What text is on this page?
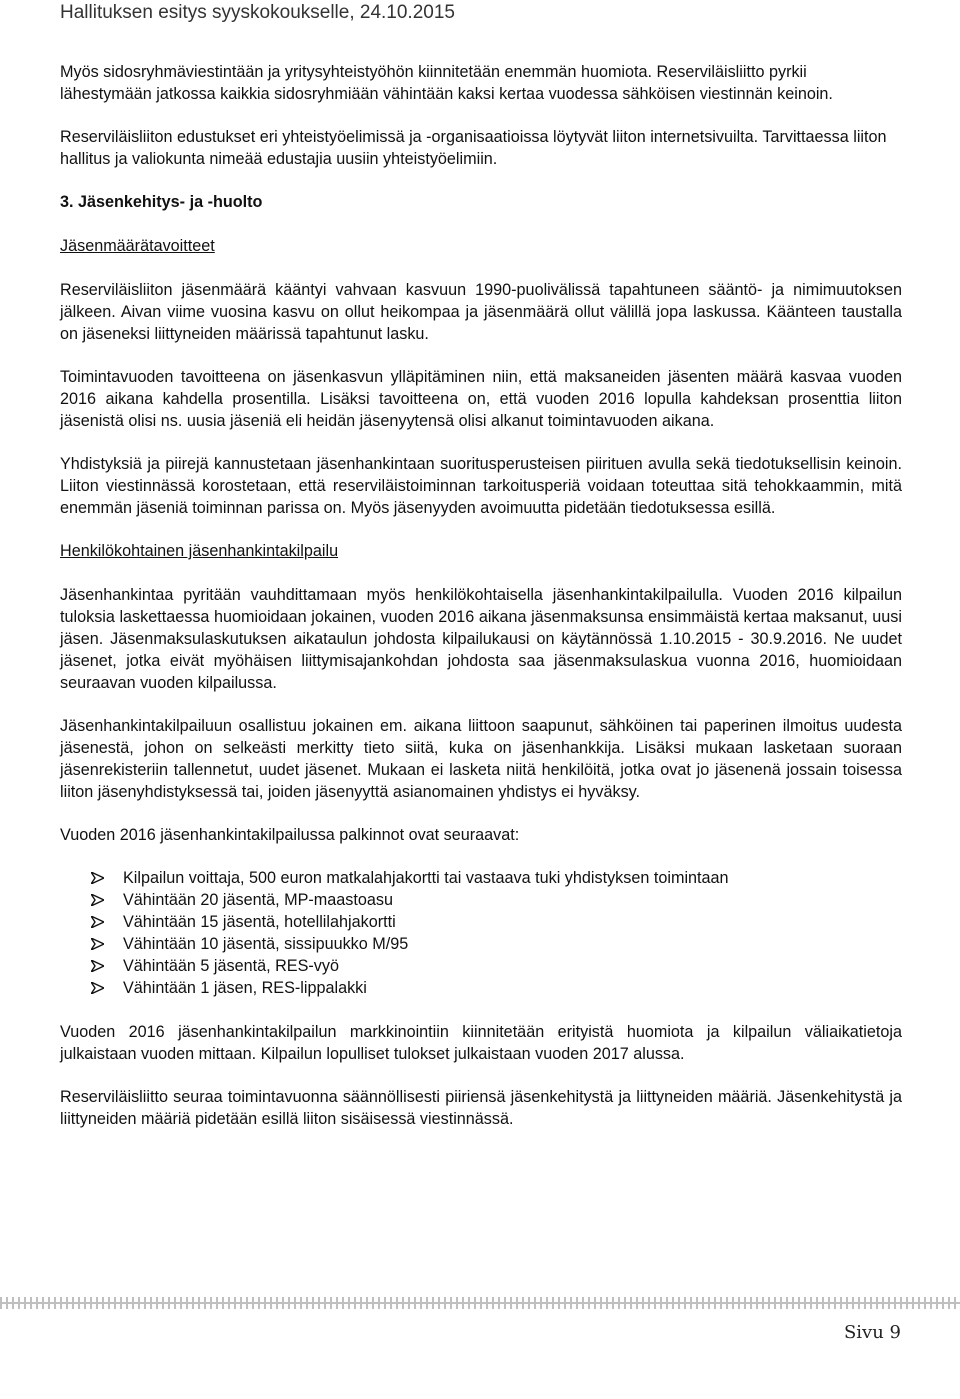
Hallituksen esitys syyskokoukselle, 24.10.2015

Myös sidosryhmäviestintään ja yritysyhteistyöhön kiinnitetään enemmän huomiota. Reserviläisliitto pyrkii lähestymään jatkossa kaikkia sidosryhmiään vähintään kaksi kertaa vuodessa sähköisen viestinnän keinoin.

Reserviläisliiton edustukset eri yhteistyöelimissä ja -organisaatioissa löytyvät liiton internetsivuilta. Tarvittaessa liiton hallitus ja valiokunta nimeää edustajia uusiin yhteistyöelimiin.

3. Jäsenkehitys- ja -huolto

Jäsenmäärätavoitteet

Reserviläisliiton jäsenmäärä kääntyi vahvaan kasvuun 1990-puolivälissä tapahtuneen sääntö- ja nimimuutoksen jälkeen. Aivan viime vuosina kasvu on ollut heikompaa ja jäsenmäärä ollut välillä jopa laskussa. Käänteen taustalla on jäseneksi liittyneiden määrissä tapahtunut lasku.

Toimintavuoden tavoitteena on jäsenkasvun ylläpitäminen niin, että maksaneiden jäsenten määrä kasvaa vuoden 2016 aikana kahdella prosentilla. Lisäksi tavoitteena on, että vuoden 2016 lopulla kahdeksan prosenttia liiton jäsenistä olisi ns. uusia jäseniä eli heidän jäsenyytensä olisi alkanut toimintavuoden aikana.

Yhdistyksiä ja piirejä kannustetaan jäsenhankintaan suoritusperusteisen piirituen avulla sekä tiedotuksellisin keinoin. Liiton viestinnässä korostetaan, että reserviläistoiminnan tarkoitusperiä voidaan toteuttaa sitä tehokkaammin, mitä enemmän jäseniä toiminnan parissa on. Myös jäsenyyden avoimuutta pidetään tiedotuksessa esillä.

Henkilökohtainen jäsenhankintakilpailu

Jäsenhankintaa pyritään vauhdittamaan myös henkilökohtaisella jäsenhankintakilpailulla. Vuoden 2016 kilpailun tuloksia laskettaessa huomioidaan jokainen, vuoden 2016 aikana jäsenmaksunsa ensimmäistä kertaa maksanut, uusi jäsen. Jäsenmaksulaskutuksen aikataulun johdosta kilpailukausi on käytännössä 1.10.2015 - 30.9.2016. Ne uudet jäsenet, jotka eivät myöhäisen liittymisajankohdan johdosta saa jäsenmaksulaskua vuonna 2016, huomioidaan seuraavan vuoden kilpailussa.

Jäsenhankintakilpailuun osallistuu jokainen em. aikana liittoon saapunut, sähköinen tai paperinen ilmoitus uudesta jäsenestä, johon on selkeästi merkitty tieto siitä, kuka on jäsenhankkija. Lisäksi mukaan lasketaan suoraan jäsenrekisteriin tallennetut, uudet jäsenet. Mukaan ei lasketa niitä henkilöitä, jotka ovat jo jäsenenä jossain toisessa liiton jäsenyhdistyksessä tai, joiden jäsenyyttä asianomainen yhdistys ei hyväksy.

Vuoden 2016 jäsenhankintakilpailussa palkinnot ovat seuraavat:

Kilpailun voittaja, 500 euron matkalahjakortti tai vastaava tuki yhdistyksen toimintaan
Vähintään 20 jäsentä, MP-maastoasu
Vähintään 15 jäsentä, hotellilahjakortti
Vähintään 10 jäsentä, sissipuukko M/95
Vähintään 5 jäsentä, RES-vyö
Vähintään 1 jäsen, RES-lippalakki

Vuoden 2016 jäsenhankintakilpailun markkinointiin kiinnitetään erityistä huomiota ja kilpailun väliaikatietoja julkaistaan vuoden mittaan. Kilpailun lopulliset tulokset julkaistaan vuoden 2017 alussa.

Reserviläisliitto seuraa toimintavuonna säännöllisesti piiriensä jäsenkehitystä ja liittyneiden määriä. Jäsenkehitystä ja liittyneiden määriä pidetään esillä liiton sisäisessä viestinnässä.

Sivu 9
